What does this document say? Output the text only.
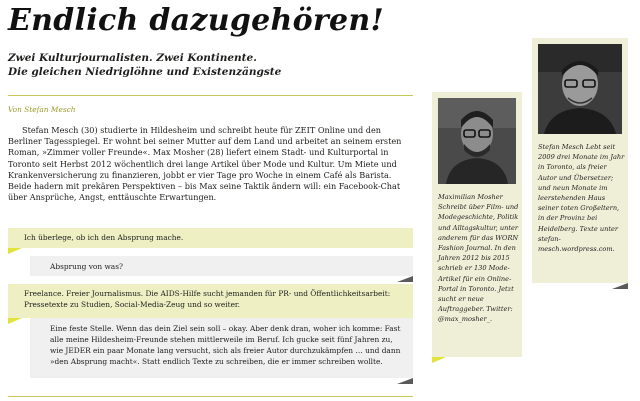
Endlich dazugehören!
Zwei Kulturjournalisten. Zwei Kontinente.
Die gleichen Niedriglöhne und Existenzängste
Von Stefan Mesch
Stefan Mesch (30) studierte in Hildesheim und schreibt heute für ZEIT Online und den Berliner Tagesspiegel. Er wohnt bei seiner Mutter auf dem Land und arbeitet an seinem ersten Roman, »Zimmer voller Freunde«. Max Mosher (28) liefert einem Stadt- und Kulturportal in Toronto seit Herbst 2012 wöchentlich drei lange Artikel über Mode und Kultur. Um Miete und Krankenversicherung zu finanzieren, jobbt er vier Tage pro Woche in einem Café als Barista.
Beide hadern mit prekären Perspektiven – bis Max seine Taktik ändern will: ein Facebook-Chat über Ansprüche, Angst, enttäuschte Erwartungen.
Ich überlege, ob ich den Absprung mache.
Absprung von was?
Freelance. Freier Journalismus. Die AIDS-Hilfe sucht jemanden für PR- und Öffentlichkeitsarbeit: Pressetexte zu Studien, Social-Media-Zeug und so weiter.
Eine feste Stelle. Wenn das dein Ziel sein soll – okay. Aber denk dran, woher ich komme: Fast alle meine Hildesheim-Freunde stehen mittlerweile im Beruf. Ich gucke seit fünf Jahren zu, wie JEDER ein paar Monate lang versucht, sich als freier Autor durchzukämpfen … und dann »den Absprung macht«. Statt endlich Texte zu schreiben, die er immer schreiben wollte.
Maximilian Mosher Schreibt über Film- und Modegeschichte, Politik und Alltagskultur, unter anderem für das WORN Fashion Journal. In den Jahren 2012 bis 2015 schrieb er 130 Mode-Artikel für ein Online-Portal in Toronto. Jetzt sucht er neue Auftraggeber. Twitter: @max_mosher_.
Stefan Mesch Lebt seit 2009 drei Monate im Jahr in Toronto, als freier Autor und Übersetzer; und neun Monate im leerstehenden Haus seiner toten Großeltern, in der Provinz bei Heidelberg. Texte unter stefan-mesch.wordpress.com.
